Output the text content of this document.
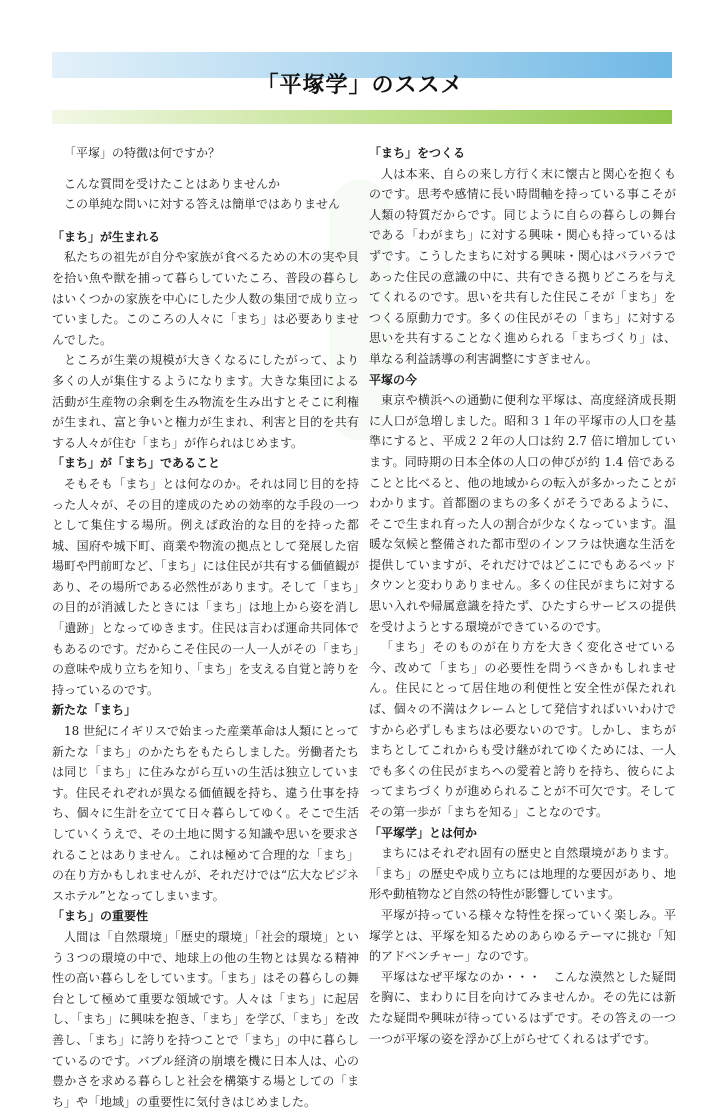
「平塚学」のススメ

「平塚」の特徴は何ですか？

こんな質問を受けたことはありませんか

この単純な問いに対する答えは簡単ではありません

「まち」が生まれる

私たちの祖先が自分や家族が食べるための木の実や貝を拾い魚や獣を捕って暮らしていたころ、普段の暮らしはいくつかの家族を中心にした少人数の集団で成り立っていました。このころの人々に「まち」は必要ありませんでした。

ところが生業の規模が大きくなるにしたがって、より多くの人が集住するようになります。大きな集団による活動が生産物の余剰を生み物流を生み出すとそこに利権が生まれ、富と争いと権力が生まれ、利害と目的を共有する人々が住む「まち」が作られはじめます。

「まち」が「まち」であること

そもそも「まち」とは何なのか。それは同じ目的を持った人々が、その目的達成のための効率的な手段の一つとして集住する場所。例えば政治的な目的を持った都城、国府や城下町、商業や物流の拠点として発展した宿場町や門前町など、「まち」には住民が共有する価値観があり、その場所である必然性があります。そして「まち」の目的が消滅したときには「まち」は地上から姿を消し「遺跡」となってゆきます。住民は言わば運命共同体でもあるのです。だからこそ住民の一人一人がその「まち」の意味や成り立ちを知り、「まち」を支える自覚と誇りを持っているのです。

新たな「まち」

18 世紀にイギリスで始まった産業革命は人類にとって新たな「まち」のかたちをもたらしました。労働者たちは同じ「まち」に住みながら互いの生活は独立しています。住民それぞれが異なる価値観を持ち、違う仕事を持ち、個々に生計を立てて日々暮らしてゆく。そこで生活していくうえで、その土地に関する知識や思いを要求されることはありません。これは極めて合理的な「まち」の在り方かもしれませんが、それだけでは“広大なビジネスホテル”となってしまいます。

「まち」の重要性

人間は「自然環境」「歴史的環境」「社会的環境」という３つの環境の中で、地球上の他の生物とは異なる精神性の高い暮らしをしています。「まち」はその暮らしの舞台として極めて重要な領域です。人々は「まち」に起居し、「まち」に興味を抱き、「まち」を学び、「まち」を改善し、「まち」に誇りを持つことで「まち」の中に暮らしているのです。バブル経済の崩壊を機に日本人は、心の豊かさを求める暮らしと社会を構築する場としての「まち」や「地域」の重要性に気付きはじめました。

「まち」をつくる

人は本来、自らの来し方行く末に懐古と関心を抱くものです。思考や感情に長い時間軸を持っている事こそが人類の特質だからです。同じように自らの暮らしの舞台である「わがまち」に対する興味・関心も持っているはずです。こうしたまちに対する興味・関心はバラバラであった住民の意識の中に、共有できる拠りどころを与えてくれるのです。思いを共有した住民こそが「まち」をつくる原動力です。多くの住民がその「まち」に対する思いを共有することなく進められる「まちづくり」は、単なる利益誘導の利害調整にすぎません。

平塚の今

東京や横浜への通勤に便利な平塚は、高度経済成長期に人口が急増しました。昭和３１年の平塚市の人口を基準にすると、平成２２年の人口は約 2.7 倍に増加しています。同時期の日本全体の人口の伸びが約 1.4 倍であることと比べると、他の地域からの転入が多かったことがわかります。首都圏のまちの多くがそうであるように、そこで生まれ育った人の割合が少なくなっています。温暖な気候と整備された都市型のインフラは快適な生活を提供していますが、それだけではどこにでもあるベッドタウンと変わりありません。多くの住民がまちに対する思い入れや帰属意識を持たず、ひたすらサービスの提供を受けようとする環境ができているのです。

「まち」そのものが在り方を大きく変化させている今、改めて「まち」の必要性を問うべきかもしれません。住民にとって居住地の利便性と安全性が保たれれば、個々の不満はクレームとして発信すればいいわけですから必ずしもまちは必要ないのです。しかし、まちがまちとしてこれからも受け継がれてゆくためには、一人でも多くの住民がまちへの愛着と誇りを持ち、彼らによってまちづくりが進められることが不可欠です。そしてその第一歩が「まちを知る」ことなのです。

「平塚学」とは何か

まちにはそれぞれ固有の歴史と自然環境があります。「まち」の歴史や成り立ちには地理的な要因があり、地形や動植物など自然の特性が影響しています。

平塚が持っている様々な特性を探っていく楽しみ。平塚学とは、平塚を知るためのあらゆるテーマに挑む「知的アドベンチャー」なのです。

平塚はなぜ平塚なのか・・・　こんな漠然とした疑問を胸に、まわりに目を向けてみませんか。その先には新たな疑問や興味が待っているはずです。その答えの一つ一つが平塚の姿を浮かび上がらせてくれるはずです。
